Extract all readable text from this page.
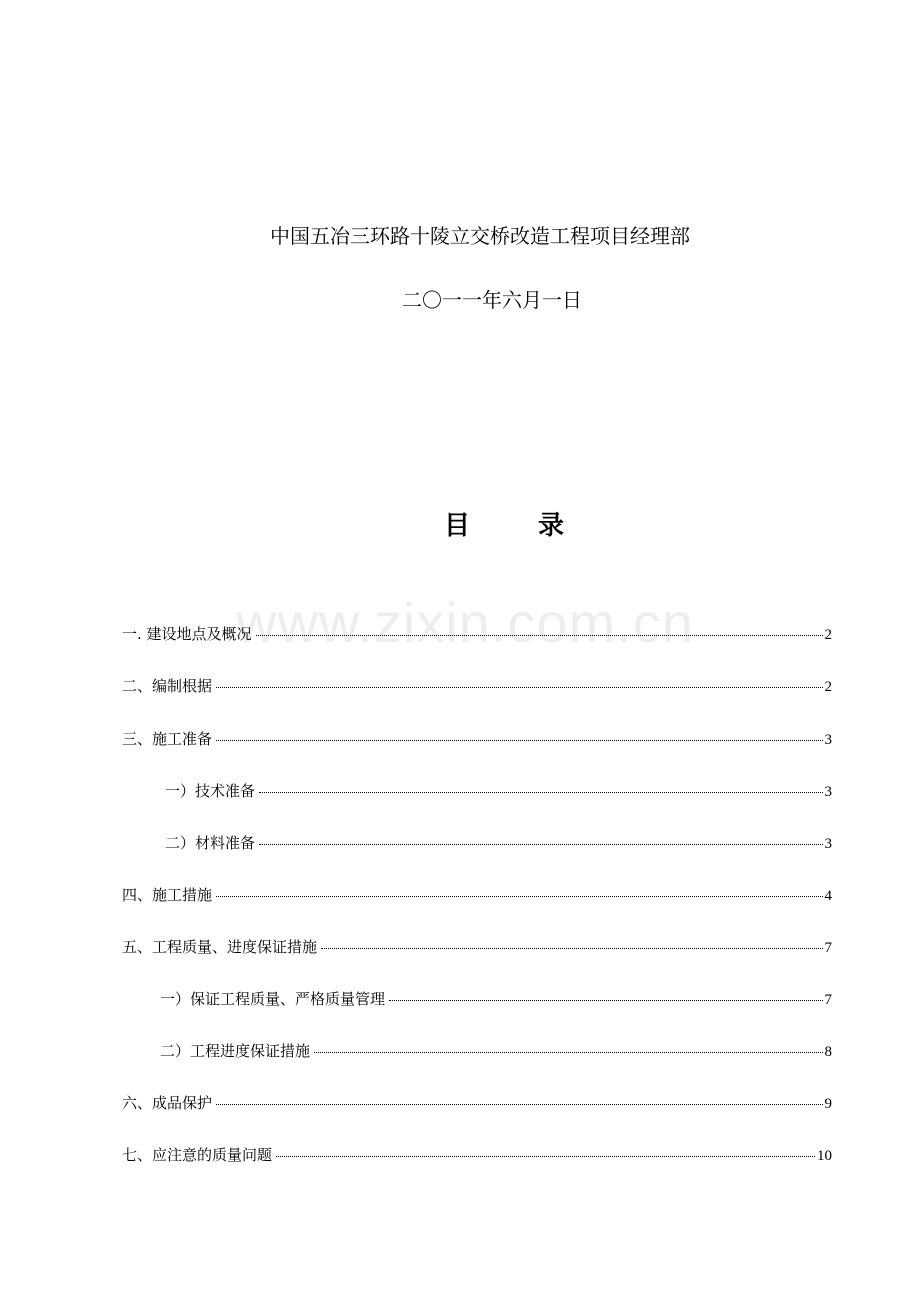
中国五冶三环路十陵立交桥改造工程项目经理部
二〇一一年六月一日
目	录
www.zixin.com.cn
一. 建设地点及概况	2
二、编制根据	2
三、施工准备	3
一）技术准备	3
二）材料准备	3
四、施工措施	4
五、工程质量、进度保证措施	7
一）保证工程质量、严格质量管理	7
二）工程进度保证措施	8
六、成品保护	9
七、应注意的质量问题	10
